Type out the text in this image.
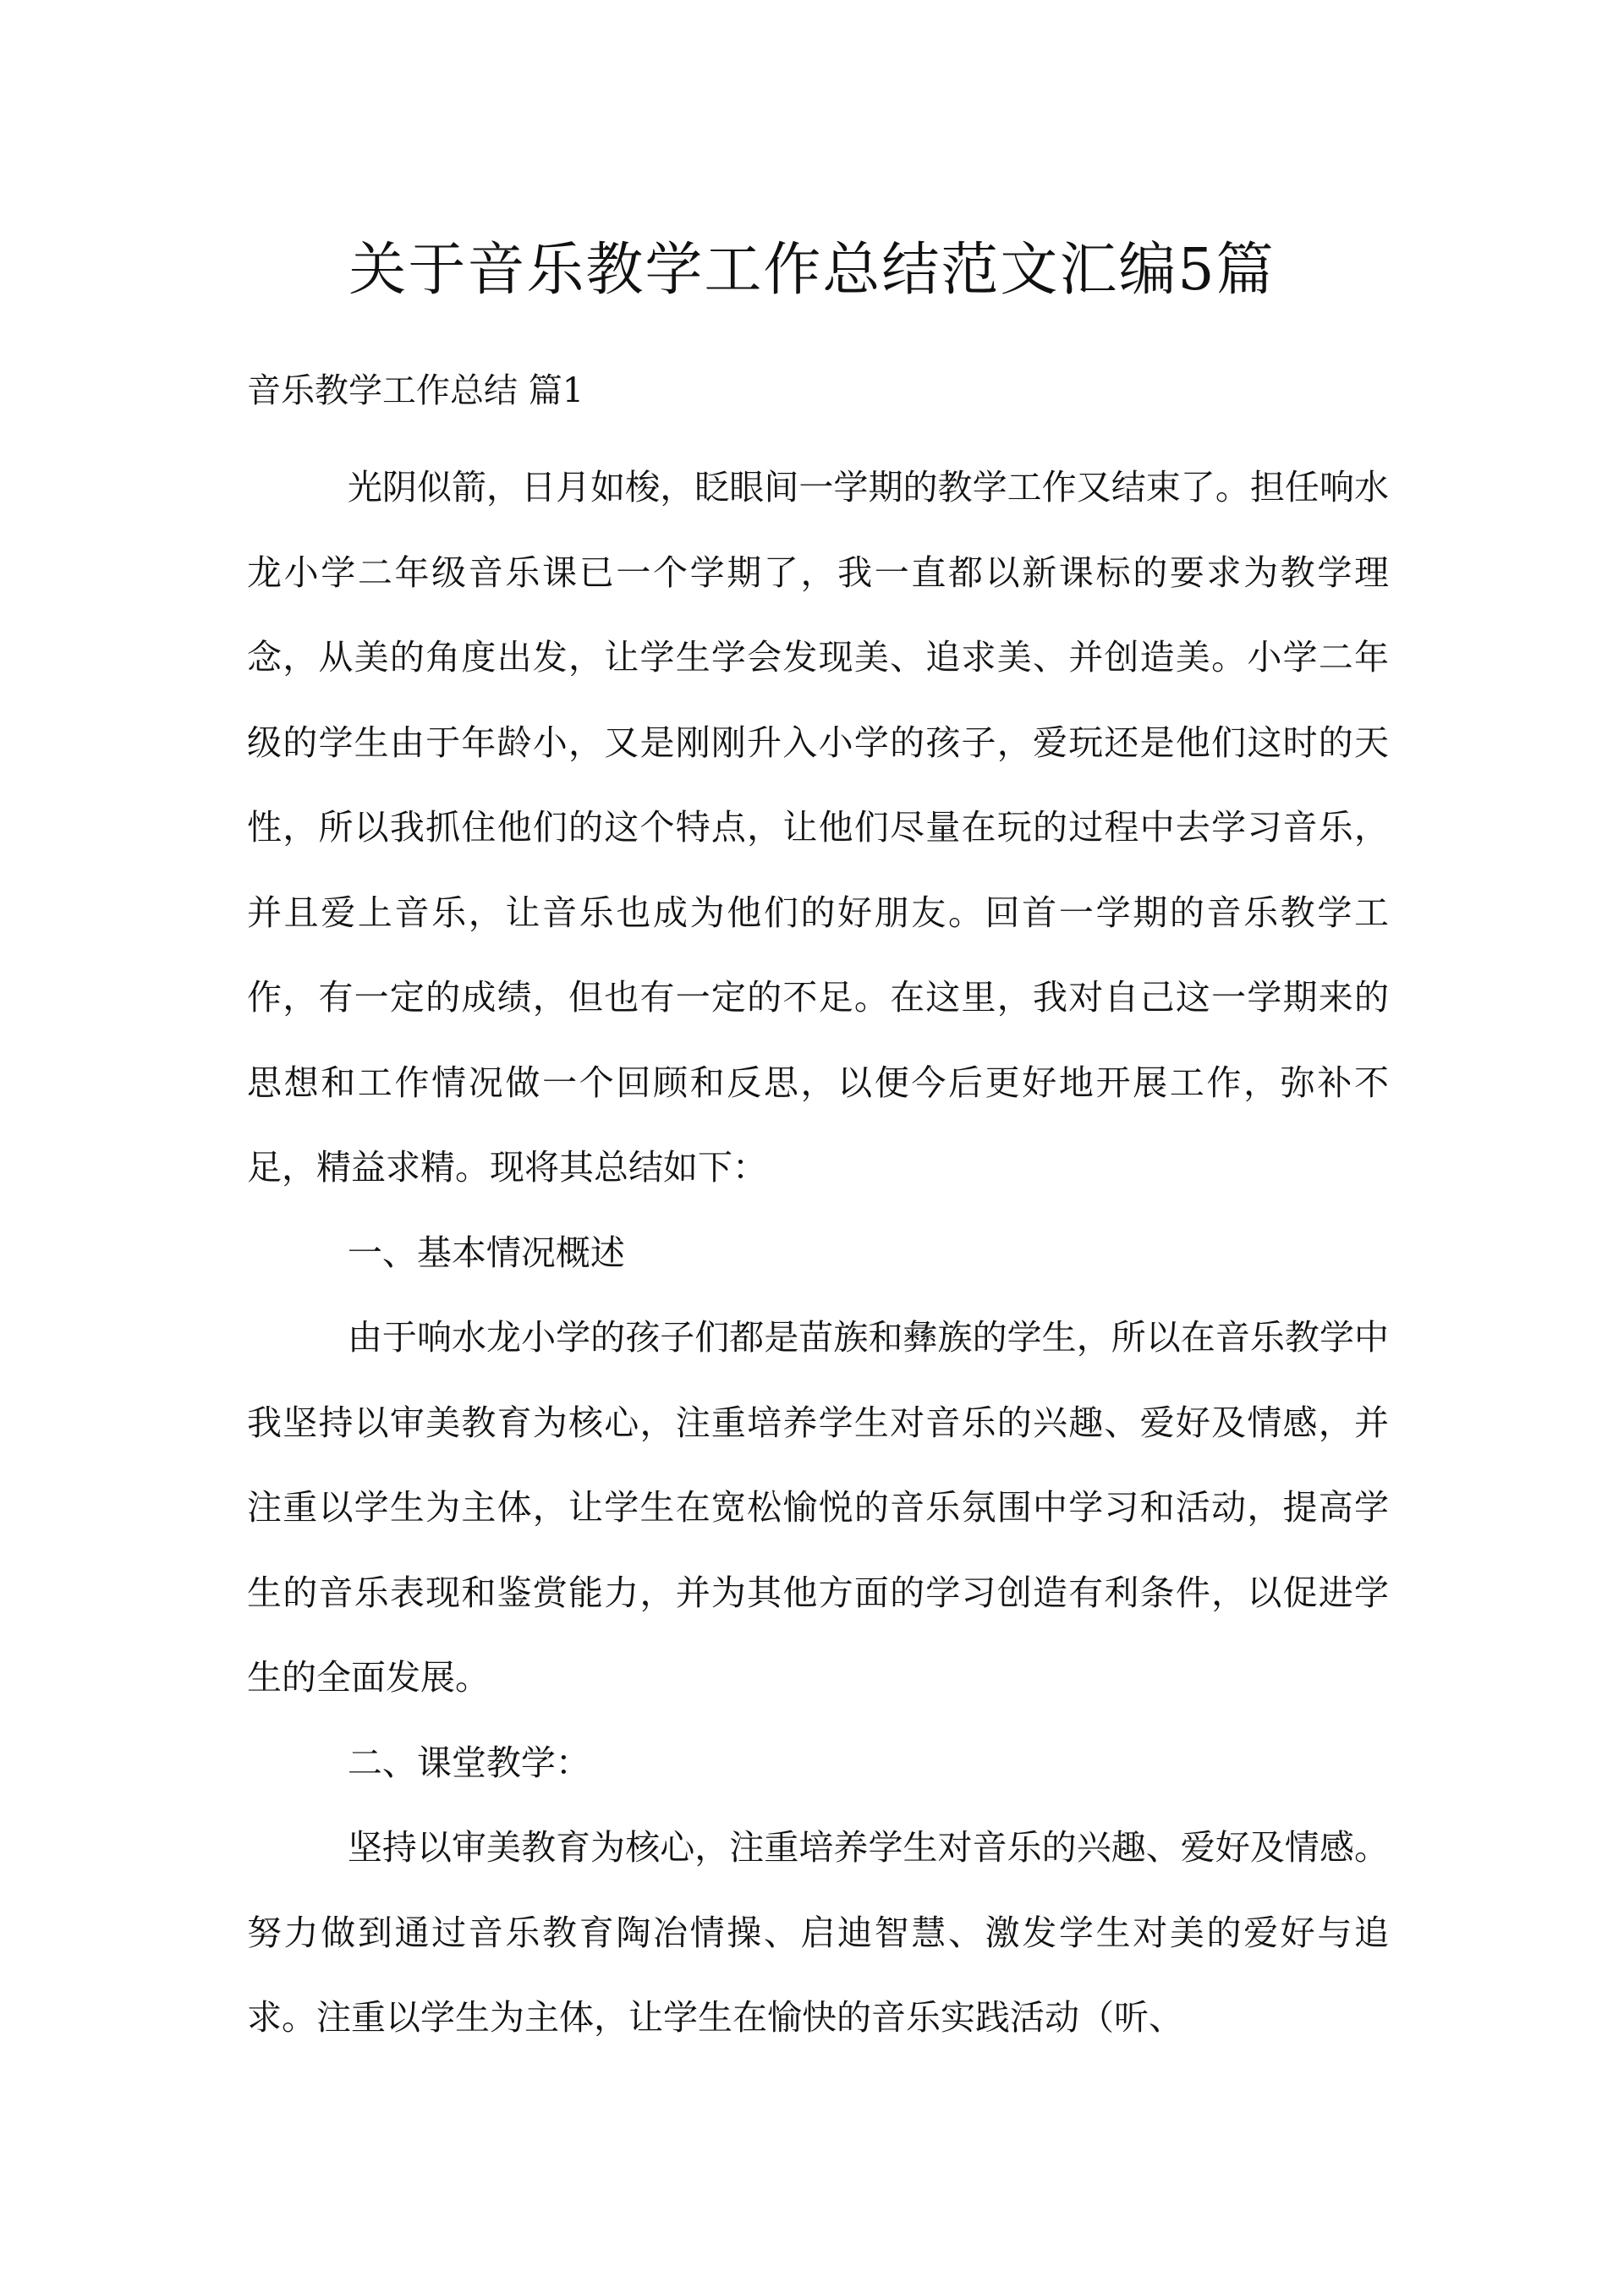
关于音乐教学工作总结范文汇编5篇
音乐教学工作总结 篇1

光阴似箭，日月如梭，眨眼间一学期的教学工作又结束了。担任响水龙小学二年级音乐课已一个学期了，我一直都以新课标的要求为教学理念，从美的角度出发，让学生学会发现美、追求美、并创造美。小学二年级的学生由于年龄小，又是刚刚升入小学的孩子，爱玩还是他们这时的天性，所以我抓住他们的这个特点，让他们尽量在玩的过程中去学习音乐，并且爱上音乐，让音乐也成为他们的好朋友。回首一学期的音乐教学工作，有一定的成绩，但也有一定的不足。在这里，我对自己这一学期来的思想和工作情况做一个回顾和反思，以便今后更好地开展工作，弥补不足，精益求精。现将其总结如下：

一、基本情况概述

由于响水龙小学的孩子们都是苗族和彝族的学生，所以在音乐教学中我坚持以审美教育为核心，注重培养学生对音乐的兴趣、爱好及情感，并注重以学生为主体，让学生在宽松愉悦的音乐氛围中学习和活动，提高学生的音乐表现和鉴赏能力，并为其他方面的学习创造有利条件，以促进学生的全面发展。

二、课堂教学：

坚持以审美教育为核心，注重培养学生对音乐的兴趣、爱好及情感。努力做到通过音乐教育陶冶情操、启迪智慧、激发学生对美的爱好与追求。注重以学生为主体，让学生在愉快的音乐实践活动（听、
